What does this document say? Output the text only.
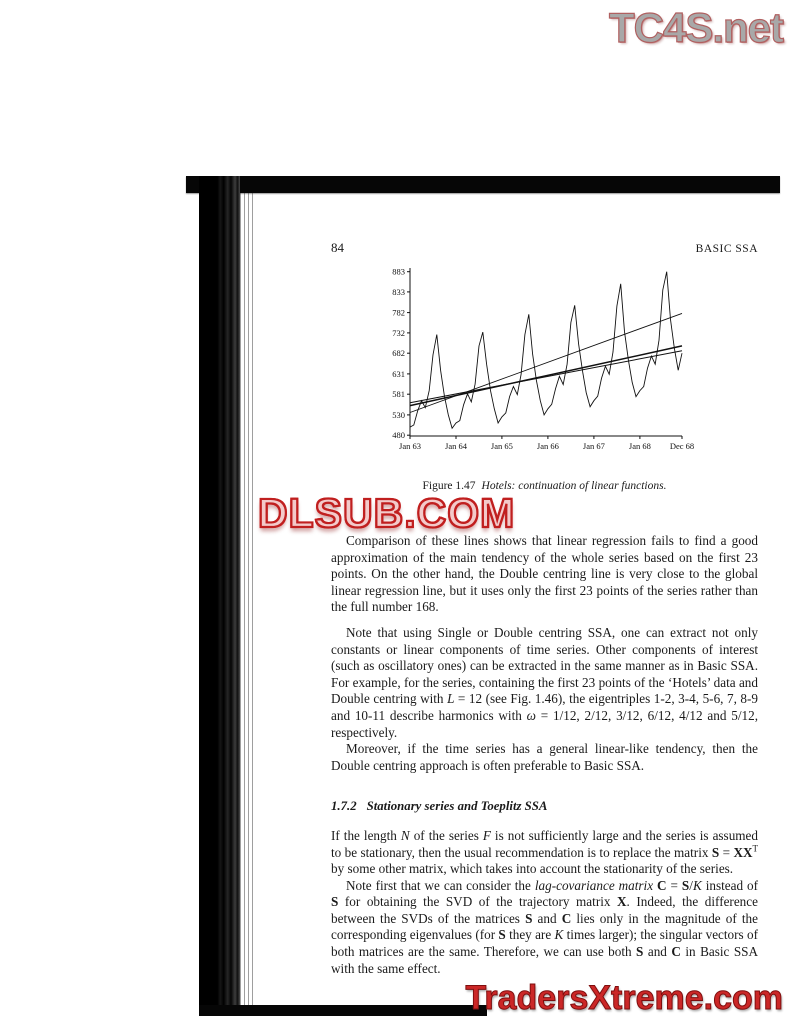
TC4S.net
84	BASIC SSA
480
530
581
631
682
732
782
833
883
Jan 63	Jan 64	Jan 65	Jan 66	Jan 67	Jan 68 Dec 68
Figure 1.47 Hotels: continuation of linear functions.
DLSUB.COM

Comparison of these lines shows that linear regression fails to find a good approximation of the main tendency of the whole series based on the first 23 points. On the other hand, the Double centring line is very close to the global linear regression line, but it uses only the first 23 points of the series rather than the full number 168.

Note that using Single or Double centring SSA, one can extract not only constants or linear components of time series. Other components of interest (such as oscillatory ones) can be extracted in the same manner as in Basic SSA. For example, for the series, containing the first 23 points of the ‘Hotels’ data and Double centring with L = 12 (see Fig. 1.46), the eigentriples 1-2, 3-4, 5-6, 7, 8-9 and 10-11 describe harmonics with ω = 1/12, 2/12, 3/12, 6/12, 4/12 and 5/12, respectively.

Moreover, if the time series has a general linear-like tendency, then the Double centring approach is often preferable to Basic SSA.

1.7.2 Stationary series and Toeplitz SSA

If the length N of the series F is not sufficiently large and the series is assumed to be stationary, then the usual recommendation is to replace the matrix $S = XX^T$ by some other matrix, which takes into account the stationarity of the series.

Note first that we can consider the lag-covariance matrix C = S/K instead of S for obtaining the SVD of the trajectory matrix X. Indeed, the difference between the SVDs of the matrices S and C lies only in the magnitude of the corresponding eigenvalues (for S they are K times larger); the singular vectors of both matrices are the same. Therefore, we can use both S and C in Basic SSA with the same effect.

TradersXtreme.com
